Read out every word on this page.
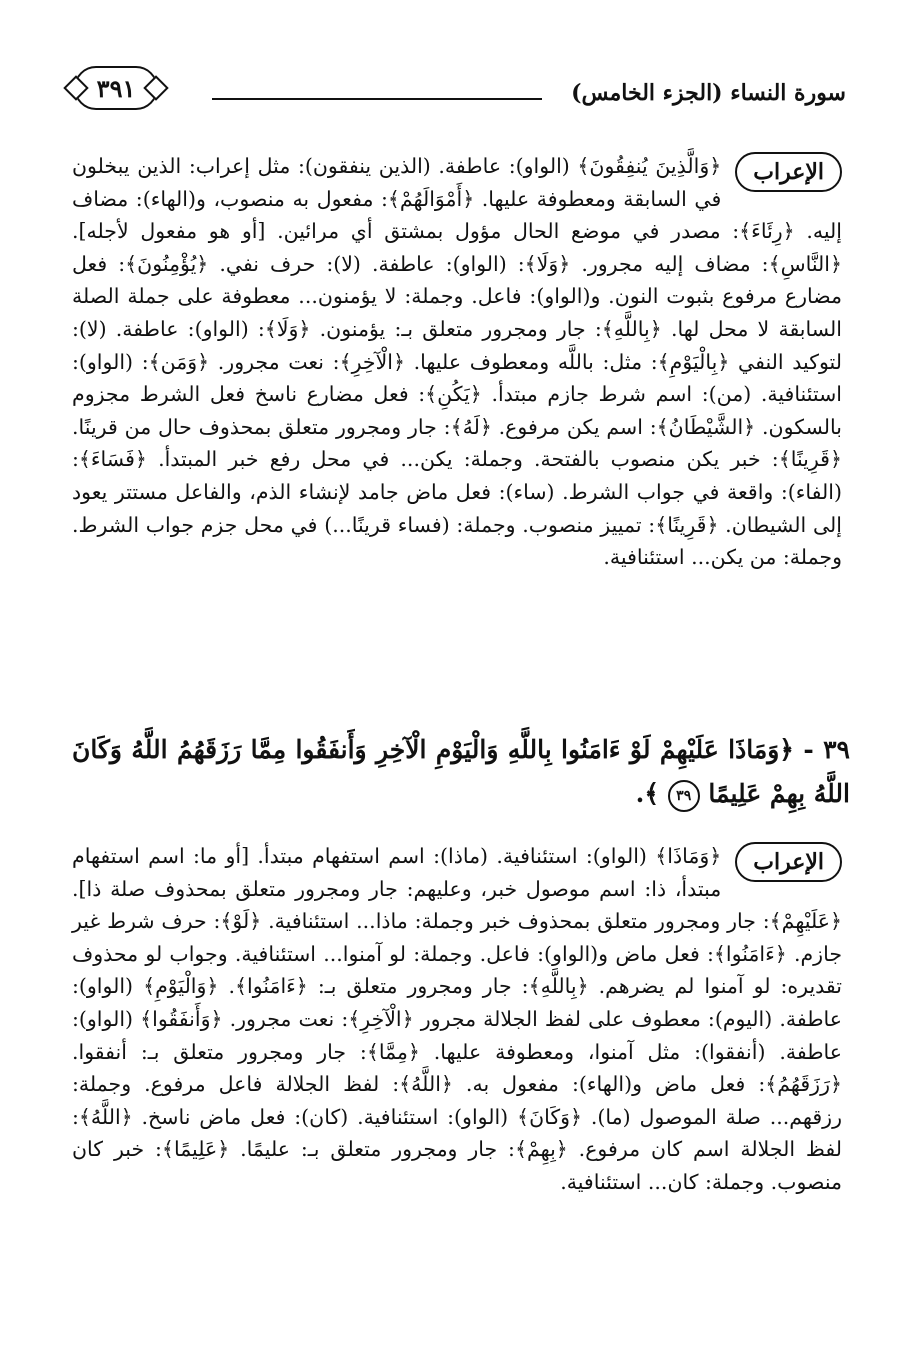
٣٩١	سورة النساء (الجزء الخامس)
الإعراب

﴿وَالَّذِينَ يُنفِقُونَ﴾ (الواو): عاطفة. (الذين ينفقون): مثل إعراب: الذين يبخلون في السابقة ومعطوفة عليها. ﴿أَمْوَالَهُمْ﴾: مفعول به منصوب، و(الهاء): مضاف إليه. ﴿رِئَاءَ﴾: مصدر في موضع الحال مؤول بمشتق أي مرائين. [أو هو مفعول لأجله]. ﴿النَّاسِ﴾: مضاف إليه مجرور. ﴿وَلَا﴾: (الواو): عاطفة. (لا): حرف نفي. ﴿يُؤْمِنُونَ﴾: فعل مضارع مرفوع بثبوت النون. و(الواو): فاعل. وجملة: لا يؤمنون... معطوفة على جملة الصلة السابقة لا محل لها. ﴿بِاللَّهِ﴾: جار ومجرور متعلق بـ: يؤمنون. ﴿وَلَا﴾: (الواو): عاطفة. (لا): لتوكيد النفي ﴿بِالْيَوْمِ﴾: مثل: باللَّه ومعطوف عليها. ﴿الْآخِرِ﴾: نعت مجرور. ﴿وَمَن﴾: (الواو): استئنافية. (من): اسم شرط جازم مبتدأ. ﴿يَكُنِ﴾: فعل مضارع ناسخ فعل الشرط مجزوم بالسكون. ﴿الشَّيْطَانُ﴾: اسم يكن مرفوع. ﴿لَهُ﴾: جار ومجرور متعلق بمحذوف حال من قرينًا. ﴿قَرِينًا﴾: خبر يكن منصوب بالفتحة. وجملة: يكن... في محل رفع خبر المبتدأ. ﴿فَسَاءَ﴾: (الفاء): واقعة في جواب الشرط. (ساء): فعل ماض جامد لإنشاء الذم، والفاعل مستتر يعود إلى الشيطان. ﴿قَرِينًا﴾: تمييز منصوب. وجملة: (فساء قرينًا...) في محل جزم جواب الشرط. وجملة: من يكن... استئنافية.

٣٩ - ﴿وَمَاذَا عَلَيْهِمْ لَوْ ءَامَنُوا بِاللَّهِ وَالْيَوْمِ الْآخِرِ وَأَنفَقُوا مِمَّا رَزَقَهُمُ اللَّهُ وَكَانَ اللَّهُ بِهِمْ عَلِيمًا ٣٩ ﴾.
الإعراب

﴿وَمَاذَا﴾ (الواو): استئنافية. (ماذا): اسم استفهام مبتدأ. [أو ما: اسم استفهام مبتدأ، ذا: اسم موصول خبر، وعليهم: جار ومجرور متعلق بمحذوف صلة ذا]. ﴿عَلَيْهِمْ﴾: جار ومجرور متعلق بمحذوف خبر وجملة: ماذا... استئنافية. ﴿لَوْ﴾: حرف شرط غير جازم. ﴿ءَامَنُوا﴾: فعل ماض و(الواو): فاعل. وجملة: لو آمنوا... استئنافية. وجواب لو محذوف تقديره: لو آمنوا لم يضرهم. ﴿بِاللَّهِ﴾: جار ومجرور متعلق بـ: ﴿ءَامَنُوا﴾. ﴿وَالْيَوْمِ﴾ (الواو): عاطفة. (اليوم): معطوف على لفظ الجلالة مجرور ﴿الْآخِرِ﴾: نعت مجرور. ﴿وَأَنفَقُوا﴾ (الواو): عاطفة. (أنفقوا): مثل آمنوا، ومعطوفة عليها. ﴿مِمَّا﴾: جار ومجرور متعلق بـ: أنفقوا. ﴿رَزَقَهُمُ﴾: فعل ماض و(الهاء): مفعول به. ﴿اللَّهُ﴾: لفظ الجلالة فاعل مرفوع. وجملة: رزقهم... صلة الموصول (ما). ﴿وَكَانَ﴾ (الواو): استئنافية. (كان): فعل ماض ناسخ. ﴿اللَّهُ﴾: لفظ الجلالة اسم كان مرفوع. ﴿بِهِمْ﴾: جار ومجرور متعلق بـ: عليمًا. ﴿عَلِيمًا﴾: خبر كان منصوب. وجملة: كان... استئنافية.
